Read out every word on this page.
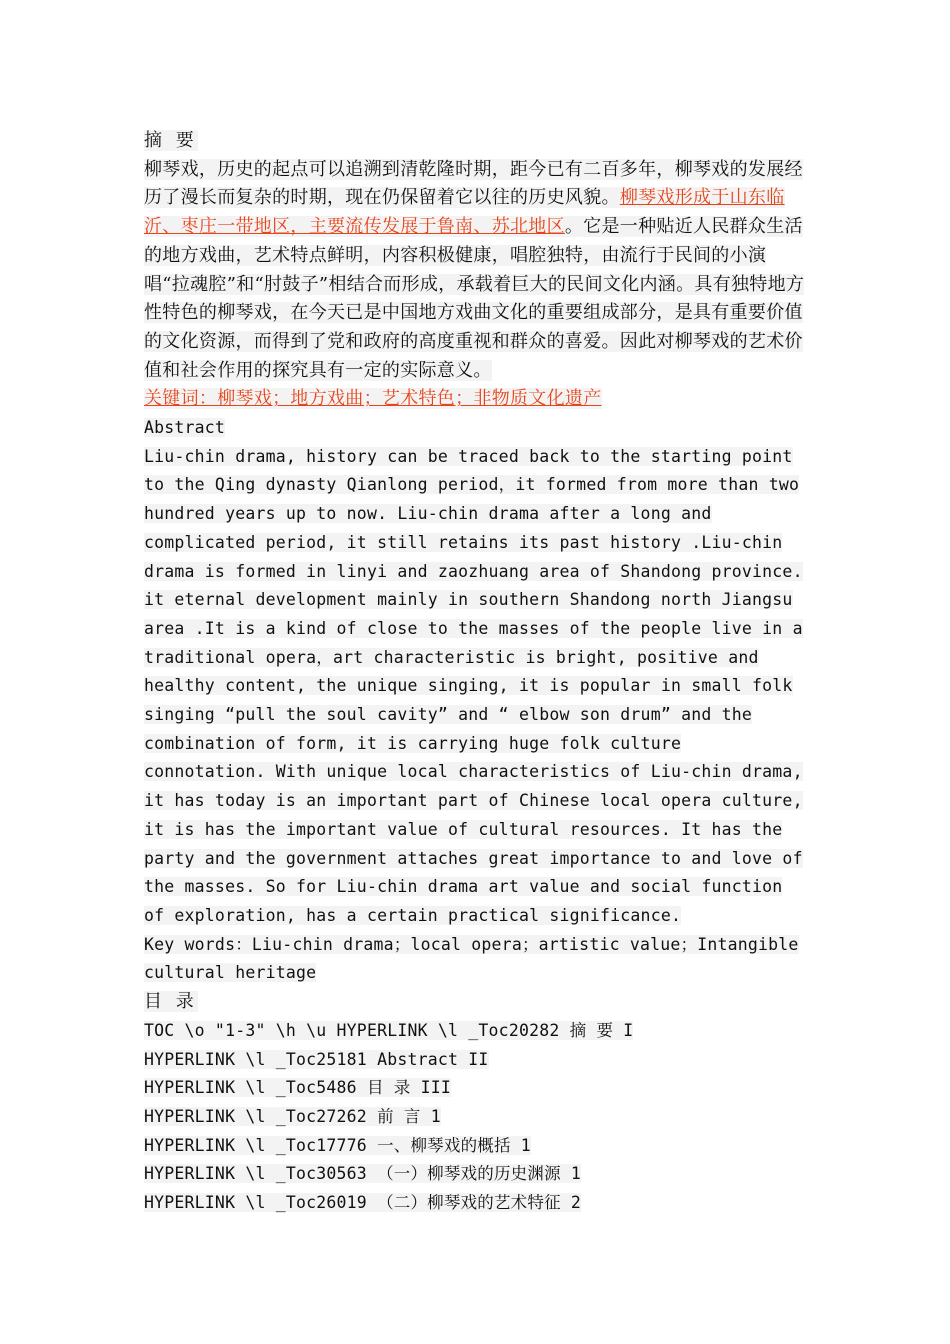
摘 要

柳琴戏，历史的起点可以追溯到清乾隆时期，距今已有二百多年，柳琴戏的发展经历了漫长而复杂的时期，现在仍保留着它以往的历史风貌。柳琴戏形成于山东临沂、枣庄一带地区，主要流传发展于鲁南、苏北地区。它是一种贴近人民群众生活的地方戏曲，艺术特点鲜明，内容积极健康，唱腔独特，由流行于民间的小演唱“拉魂腔”和“肘鼓子”相结合而形成，承载着巨大的民间文化内涵。具有独特地方性特色的柳琴戏，在今天已是中国地方戏曲文化的重要组成部分，是具有重要价值的文化资源，而得到了党和政府的高度重视和群众的喜爱。因此对柳琴戏的艺术价值和社会作用的探究具有一定的实际意义。

关键词：柳琴戏；地方戏曲；艺术特色；非物质文化遗产

Abstract

Liu-chin drama, history can be traced back to the starting point to the Qing dynasty Qianlong period，it formed from more than two hundred years up to now. Liu-chin drama after a long and complicated period, it still retains its past history .Liu-chin drama is formed in linyi and zaozhuang area of Shandong province. it eternal development mainly in southern Shandong north Jiangsu area .It is a kind of close to the masses of the people live in a traditional opera，art characteristic is bright, positive and healthy content, the unique singing, it is popular in small folk singing “pull the soul cavity” and “ elbow son drum” and the combination of form, it is carrying huge folk culture connotation. With unique local characteristics of Liu-chin drama, it has today is an important part of Chinese local opera culture, it is has the important value of cultural resources. It has the party and the government attaches great importance to and love of the masses. So for Liu-chin drama art value and social function of exploration, has a certain practical significance.

Key words：Liu-chin drama；local opera；artistic value；Intangible cultural heritage

目 录

TOC \o "1-3" \h \u HYPERLINK \l _Toc20282 摘 要 I

HYPERLINK \l _Toc25181 Abstract II

HYPERLINK \l _Toc5486 目 录 III

HYPERLINK \l _Toc27262 前 言 1

HYPERLINK \l _Toc17776 一、柳琴戏的概括 1

HYPERLINK \l _Toc30563 （一）柳琴戏的历史渊源 1

HYPERLINK \l _Toc26019 （二）柳琴戏的艺术特征 2
